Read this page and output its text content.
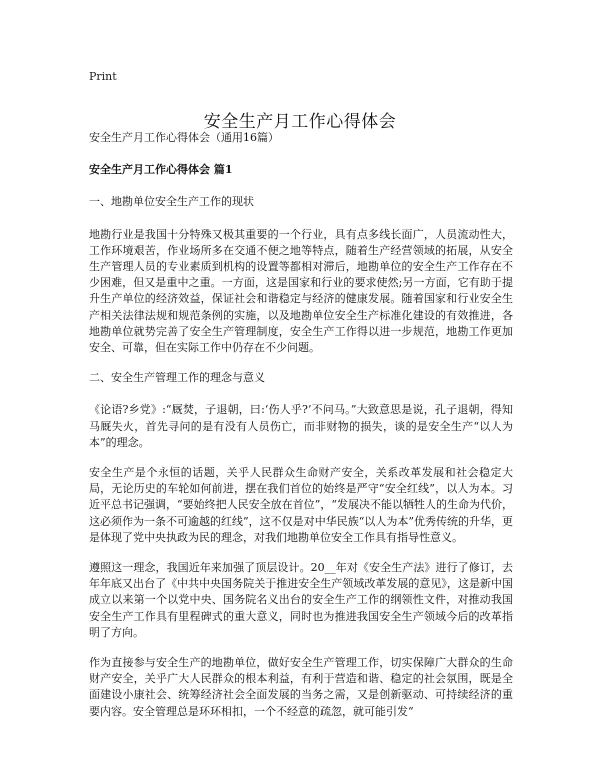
Print
安全生产月工作心得体会

安全生产月工作心得体会（通用16篇）

安全生产月工作心得体会 篇1

一、地勘单位安全生产工作的现状

地勘行业是我国十分特殊又极其重要的一个行业，具有点多线长面广，人员流动性大，工作环境艰苦，作业场所多在交通不便之地等特点，随着生产经营领域的拓展，从安全生产管理人员的专业素质到机构的设置等都相对滞后，地勘单位的安全生产工作存在不少困难，但又是重中之重。一方面，这是国家和行业的要求使然;另一方面，它有助于提升生产单位的经济效益，保证社会和谐稳定与经济的健康发展。随着国家和行业安全生产相关法律法规和规范条例的实施，以及地勘单位安全生产标准化建设的有效推进，各地勘单位就势完善了安全生产管理制度，安全生产工作得以进一步规范，地勘工作更加安全、可靠，但在实际工作中仍存在不少问题。

二、安全生产管理工作的理念与意义

《论语?乡党》:“厩焚，子退朝，曰:‘伤人乎?’不问马。”大致意思是说，孔子退朝，得知马厩失火，首先寻问的是有没有人员伤亡，而非财物的损失，谈的是安全生产“以人为本”的理念。

安全生产是个永恒的话题，关乎人民群众生命财产安全，关系改革发展和社会稳定大局，无论历史的车轮如何前进，摆在我们首位的始终是严守“安全红线”，以人为本。习近平总书记强调，“要始终把人民安全放在首位”，“发展决不能以牺牲人的生命为代价，这必须作为一条不可逾越的红线”，这不仅是对中华民族“以人为本”优秀传统的升华，更是体现了党中央执政为民的理念，对我们地勘单位安全工作具有指导性意义。

遵照这一理念，我国近年来加强了顶层设计。20__年对《安全生产法》进行了修订，去年年底又出台了《中共中央国务院关于推进安全生产领域改革发展的意见》，这是新中国成立以来第一个以党中央、国务院名义出台的安全生产工作的纲领性文件，对推动我国安全生产工作具有里程碑式的重大意义，同时也为推进我国安全生产领域今后的改革指明了方向。

作为直接参与安全生产的地勘单位，做好安全生产管理工作，切实保障广大群众的生命财产安全，关乎广大人民群众的根本利益，有利于营造和谐、稳定的社会氛围，既是全面建设小康社会、统筹经济社会全面发展的当务之需，又是创新驱动、可持续经济的重要内容。安全管理总是环环相扣，一个不经意的疏忽，就可能引发“
